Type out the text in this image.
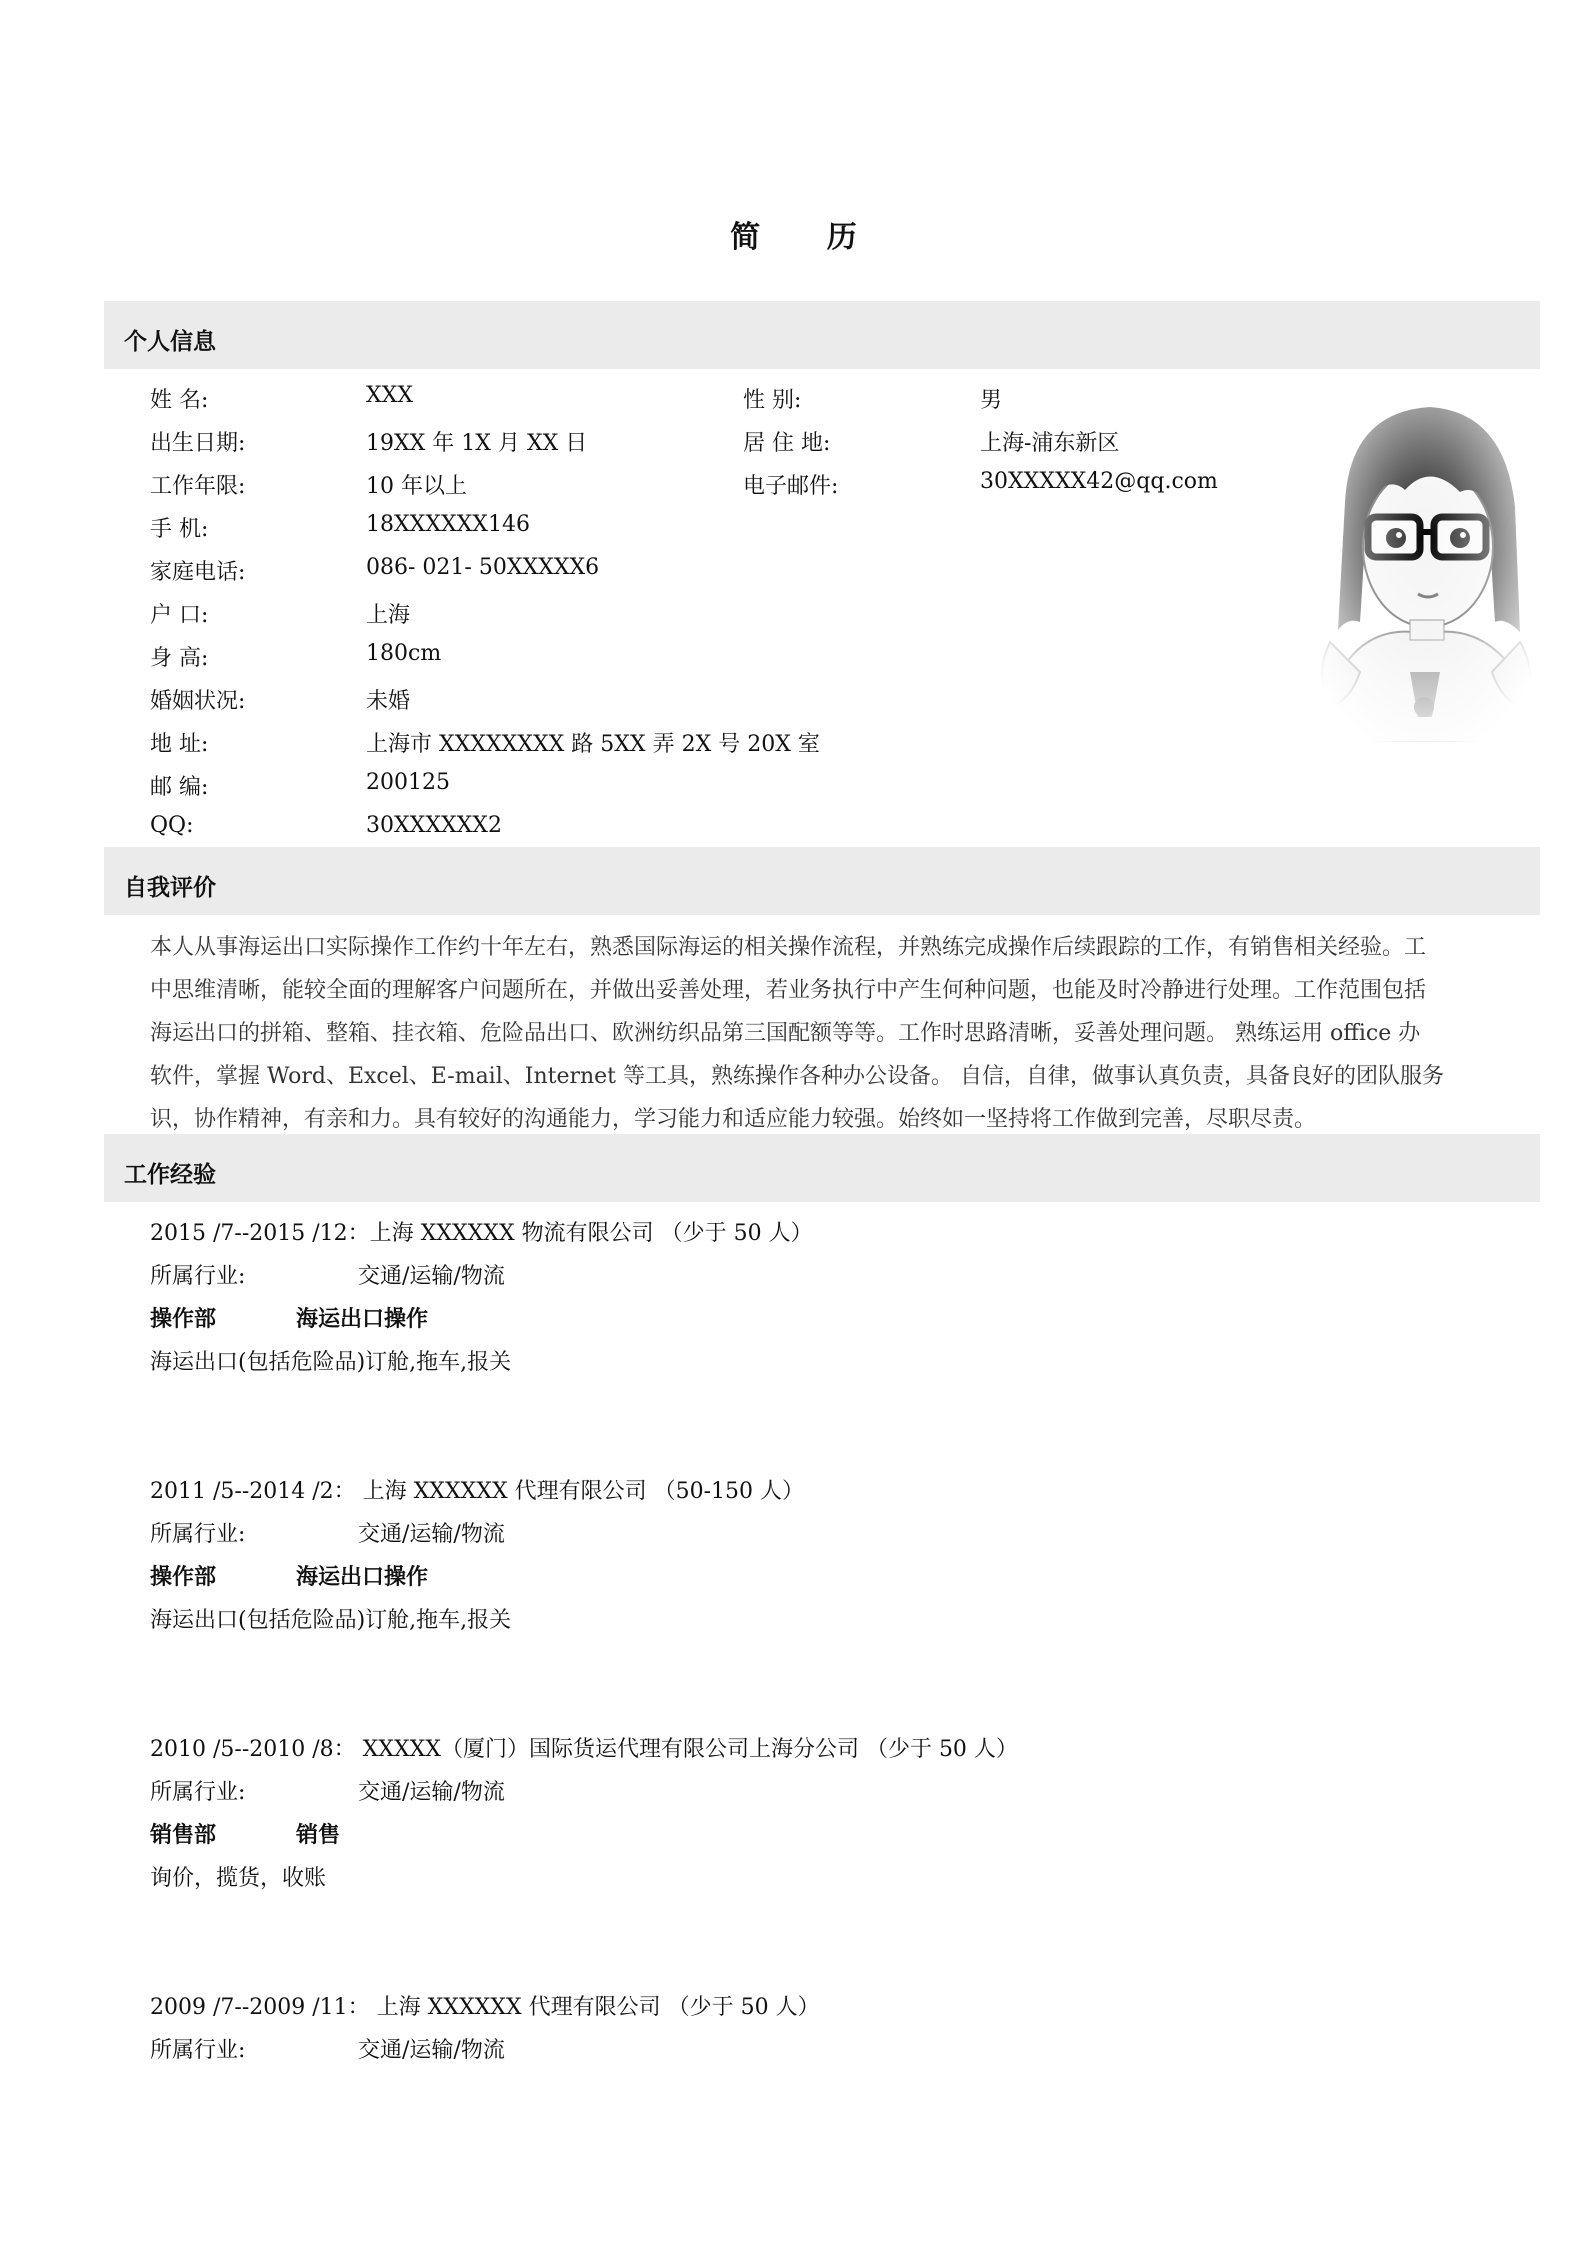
简 历
个人信息
姓 名:	XXX	性 别:	男
出生日期:	19XX 年 1X 月 XX 日	居 住 地:	上海-浦东新区
工作年限:	10 年以上	电子邮件:	30XXXXX42@qq.com
手 机:	18XXXXXX146
家庭电话:	086- 021- 50XXXXX6
户 口:	上海
身 高:	180cm
婚姻状况:	未婚
地 址:	上海市 XXXXXXXX 路 5XX 弄 2X 号 20X 室
邮 编:	200125
QQ:	30XXXXXX2
自我评价
本人从事海运出口实际操作工作约十年左右，熟悉国际海运的相关操作流程，并熟练完成操作后续跟踪的工作，有销售相关经验。工
中思维清晰，能较全面的理解客户问题所在，并做出妥善处理，若业务执行中产生何种问题，也能及时冷静进行处理。工作范围包括
海运出口的拼箱、整箱、挂衣箱、危险品出口、欧洲纺织品第三国配额等等。工作时思路清晰，妥善处理问题。 熟练运用 office 办
软件，掌握 Word、Excel、E-mail、Internet 等工具，熟练操作各种办公设备。 自信，自律，做事认真负责，具备良好的团队服务
识，协作精神，有亲和力。具有较好的沟通能力，学习能力和适应能力较强。始终如一坚持将工作做到完善，尽职尽责。
工作经验
2015 /7--2015 /12：上海 XXXXXX 物流有限公司 （少于 50 人）
所属行业:	交通/运输/物流
操作部	海运出口操作
海运出口(包括危险品)订舱,拖车,报关
2011 /5--2014 /2： 上海 XXXXXX 代理有限公司 （50-150 人）
所属行业:	交通/运输/物流
操作部	海运出口操作
海运出口(包括危险品)订舱,拖车,报关
2010 /5--2010 /8： XXXXX（厦门）国际货运代理有限公司上海分公司 （少于 50 人）
所属行业:	交通/运输/物流
销售部	销售
询价，揽货，收账
2009 /7--2009 /11： 上海 XXXXXX 代理有限公司 （少于 50 人）
所属行业:	交通/运输/物流
